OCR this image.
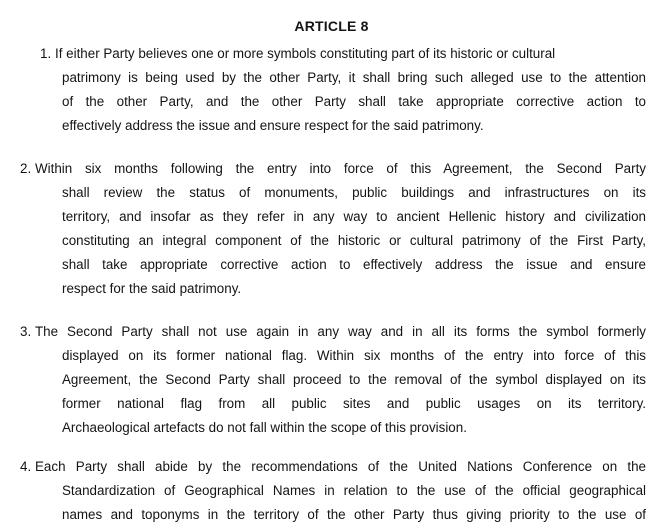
ARTICLE 8
1. If either Party believes one or more symbols constituting part of its historic or cultural
patrimony is being used by the other Party, it shall bring such alleged use to the attention
of the other Party, and the other Party shall take appropriate corrective action to
effectively address the issue and ensure respect for the said patrimony.
2. Within six months following the entry into force of this Agreement, the Second Party
shall review the status of monuments, public buildings and infrastructures on its
territory, and insofar as they refer in any way to ancient Hellenic history and civilization
constituting an integral component of the historic or cultural patrimony of the First Party,
shall take appropriate corrective action to effectively address the issue and ensure
respect for the said patrimony.
3. The Second Party shall not use again in any way and in all its forms the symbol formerly
displayed on its former national flag. Within six months of the entry into force of this
Agreement, the Second Party shall proceed to the removal of the symbol displayed on its
former national flag from all public sites and public usages on its territory.
Archaeological artefacts do not fall within the scope of this provision.
4. Each Party shall abide by the recommendations of the United Nations Conference on the
Standardization of Geographical Names in relation to the use of the official geographical
names and toponyms in the territory of the other Party thus giving priority to the use of
